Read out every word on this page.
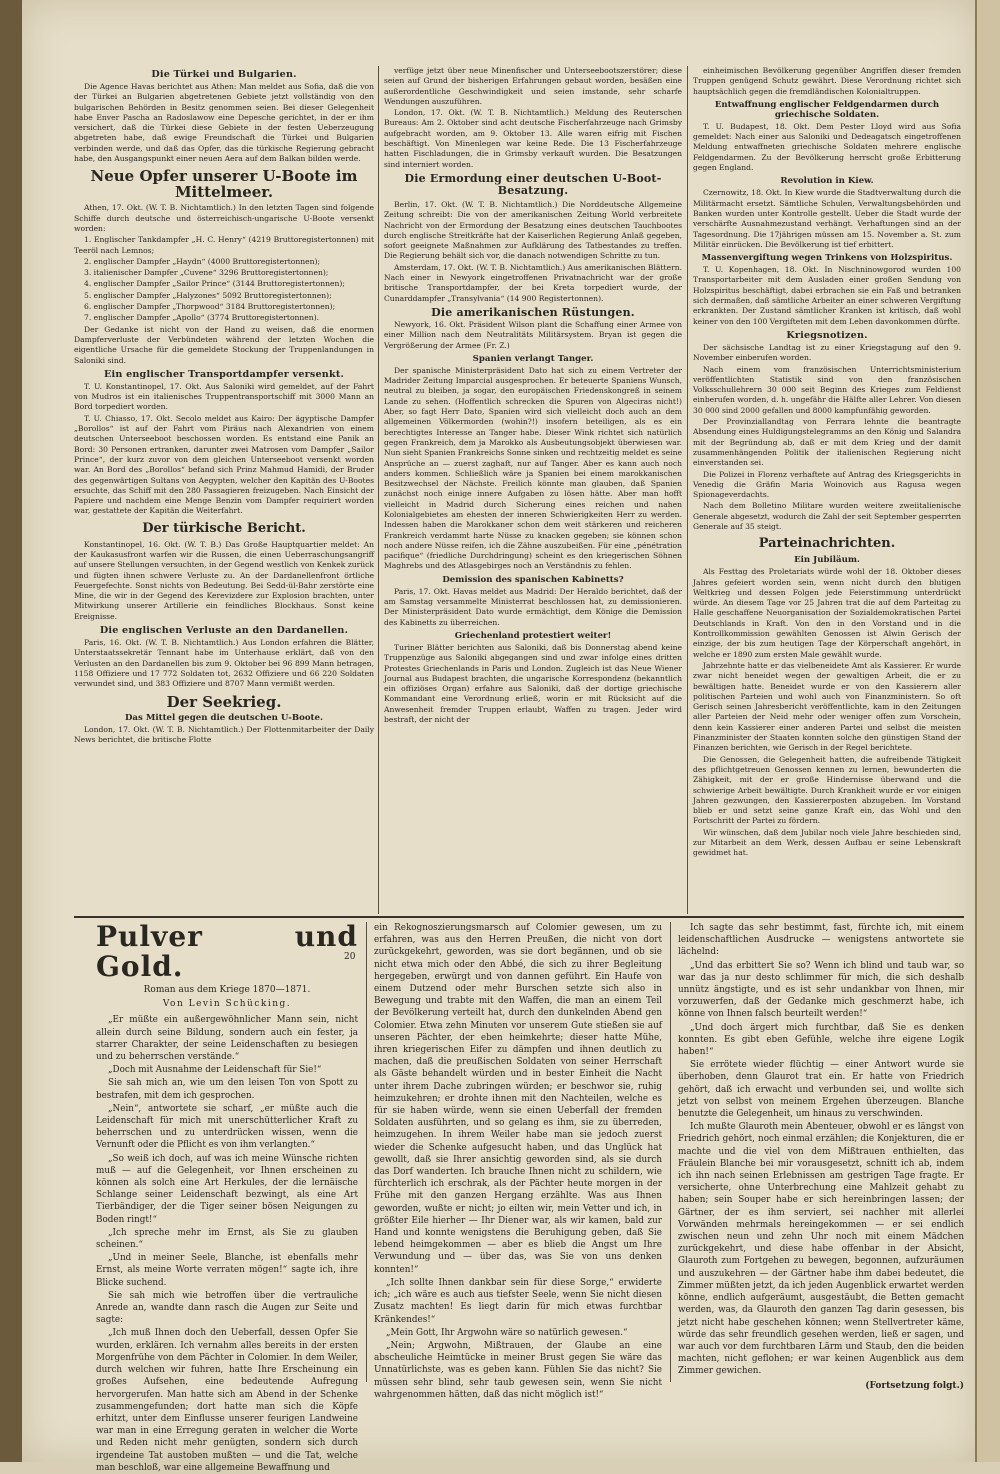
Die Türkei und Bulgarien.

Die Agence Havas berichtet aus Athen: Man meldet aus Sofia, daß die von der Türkei an Bulgarien abgetretenen Gebiete jetzt vollständig von den bulgarischen Behörden in Besitz genommen seien. Bei dieser Gelegenheit habe Enver Pascha an Radoslawow eine Depesche gerichtet, in der er ihm versichert, daß die Türkei diese Gebiete in der festen Ueberzeugung abgetreten habe, daß ewige Freundschaft die Türkei und Bulgarien verbinden werde, und daß das Opfer, das die türkische Regierung gebracht habe, den Ausgangspunkt einer neuen Aera auf dem Balkan bilden werde.

Neue Opfer unserer U-Boote im Mittelmeer.

Athen, 17. Okt. (W. T. B. Nichtamtlich.) In den letzten Tagen sind folgende Schiffe durch deutsche und österreichisch-ungarische U-Boote versenkt worden:

1. Englischer Tankdampfer „H. C. Henry“ (4219 Bruttoregistertonnen) mit Teeröl nach Lemnos;

2. englischer Dampfer „Haydn“ (4000 Bruttoregistertonnen);

3. italienischer Dampfer „Cuvene“ 3296 Bruttoregistertonnen);

4. englischer Dampfer „Sailor Prince“ (3144 Bruttoregistertonnen);

5. englischer Dampfer „Halyzones“ 5092 Bruttoregistertonnen);

6. englischer Dampfer „Thorpwood“ 3184 Bruttoregistertonnen);

7. englischer Dampfer „Apollo“ (3774 Bruttoregistertonnen).

Der Gedanke ist nicht von der Hand zu weisen, daß die enormen Dampferverluste der Verbündeten während der letzten Wochen die eigentliche Ursache für die gemeldete Stockung der Truppenlandungen in Saloniki sind.

Ein englischer Transportdampfer versenkt.

T. U. Konstantinopel, 17. Okt. Aus Saloniki wird gemeldet, auf der Fahrt von Mudros ist ein italienisches Truppentransportschiff mit 3000 Mann an Bord torpediert worden.

T. U. Chiasso, 17. Okt. Secolo meldet aus Kairo: Der ägyptische Dampfer „Borollos“ ist auf der Fahrt vom Piräus nach Alexandrien von einem deutschen Unterseeboot beschossen worden. Es entstand eine Panik an Bord: 30 Personen ertranken, darunter zwei Matrosen vom Dampfer „Sailor Prince“, der kurz zuvor von dem gleichen Unterseeboot versenkt worden war. An Bord des „Borollos“ befand sich Prinz Mahmud Hamidi, der Bruder des gegenwärtigen Sultans von Aegypten, welcher den Kapitän des U-Bootes ersuchte, das Schiff mit den 280 Passagieren freizugeben. Nach Einsicht der Papiere und nachdem eine Menge Benzin vom Dampfer requiriert worden war, gestattete der Kapitän die Weiterfahrt.

Der türkische Bericht.

Konstantinopel, 16. Okt. (W. T. B.) Das Große Hauptquartier meldet: An der Kaukasusfront warfen wir die Russen, die einen Ueberraschungsangriff auf unsere Stellungen versuchten, in der Gegend westlich von Kenkek zurück und fügten ihnen schwere Verluste zu. An der Dardanellenfront örtliche Feuergefechte. Sonst nichts von Bedeutung. Bei Sedd-ül-Bahr zerstörte eine Mine, die wir in der Gegend des Kerevizdere zur Explosion brachten, unter Mitwirkung unserer Artillerie ein feindliches Blockhaus. Sonst keine Ereignisse.

Die englischen Verluste an den Dardanellen.

Paris, 16. Okt. (W. T. B. Nichtamtlich.) Aus London erfahren die Blätter, Unterstaatssekretär Tennant habe im Unterhause erklärt, daß von den Verlusten an den Dardanellen bis zum 9. Oktober bei 96 899 Mann betragen, 1158 Offiziere und 17 772 Soldaten tot, 2632 Offiziere und 66 220 Soldaten verwundet sind, und 383 Offiziere und 8707 Mann vermißt werden.

Der Seekrieg.
Das Mittel gegen die deutschen U-Boote.

London, 17. Okt. (W. T. B. Nichtamtlich.) Der Flottenmitarbeiter der Daily News berichtet, die britische Flotte

verfüge jetzt über neue Minenfischer und Unterseebootszerstörer; diese seien auf Grund der bisherigen Erfahrungen gebaut worden, besäßen eine außerordentliche Geschwindigkeit und seien imstande, sehr scharfe Wendungen auszuführen.

London, 17. Okt. (W. T. B. Nichtamtlich.) Meldung des Reuterschen Bureaus: Am 2. Oktober sind acht deutsche Fischerfahrzeuge nach Grimsby aufgebracht worden, am 9. Oktober 13. Alle waren eifrig mit Fischen beschäftigt. Von Minenlegen war keine Rede. Die 13 Fischerfahrzeuge hatten Fischladungen, die in Grimsby verkauft wurden. Die Besatzungen sind interniert worden.

Die Ermordung einer deutschen U-Boot-Besatzung.

Berlin, 17. Okt. (W. T. B. Nichtamtlich.) Die Norddeutsche Allgemeine Zeitung schreibt: Die von der amerikanischen Zeitung World verbreitete Nachricht von der Ermordung der Besatzung eines deutschen Tauchbootes durch englische Streitkräfte hat der Kaiserlichen Regierung Anlaß gegeben, sofort geeignete Maßnahmen zur Aufklärung des Tatbestandes zu treffen. Die Regierung behält sich vor, die danach notwendigen Schritte zu tun.

Amsterdam, 17. Okt. (W. T. B. Nichtamtlich.) Aus amerikanischen Blättern. Nach einer in Newyork eingetroffenen Privatnachricht war der große britische Transportdampfer, der bei Kreta torpediert wurde, der Cunarddampfer „Transylvania“ (14 900 Registertonnen).

Die amerikanischen Rüstungen.

Newyork, 16. Okt. Präsident Wilson plant die Schaffung einer Armee von einer Million nach dem Neutralitäts Militärsystem. Bryan ist gegen die Vergrößerung der Armee (Fr. Z.)

Spanien verlangt Tanger.

Der spanische Ministerpräsident Dato hat sich zu einem Vertreter der Madrider Zeitung Imparcial ausgesprochen. Er beteuerte Spaniens Wunsch, neutral zu bleiben, ja sogar, den europäischen Friedenskongreß in seinem Lande zu sehen. (Hoffentlich schrecken die Spuren von Algeciras nicht!) Aber, so fagt Herr Dato, Spanien wird sich vielleicht doch auch an dem allgemeinen Völkermorden (wohin?!) insofern beteiligen, als es ein berechtigtes Interesse an Tanger habe. Dieser Wink richtet sich natürlich gegen Frankreich, dem ja Marokko als Ausbeutungsobjekt überwiesen war. Nun sieht Spanien Frankreichs Sonne sinken und rechtzeitig meldet es seine Ansprüche an — zuerst zaghaft, nur auf Tanger. Aber es kann auch noch anders kommen. Schließlich wäre ja Spanien bei einem marokkanischen Besitzwechsel der Nächste. Freilich könnte man glauben, daß Spanien zunächst noch einige innere Aufgaben zu lösen hätte. Aber man hofft vielleicht in Madrid durch Sicherung eines reichen und nahen Kolonialgebietes am ehesten der inneren Schwierigkeiten Herr zu werden. Indessen haben die Marokkaner schon dem weit stärkeren und reicheren Frankreich verdammt harte Nüsse zu knacken gegeben; sie können schon noch andere Nüsse reifen, ich die Zähne auszubeißen. Für eine „pénétration pacifique“ (friedliche Durchdringung) scheint es den kriegerischen Söhnen Maghrebs und des Atlasgebirges noch an Verständnis zu fehlen.

Demission des spanischen Kabinetts?

Paris, 17. Okt. Havas meldet aus Madrid: Der Heraldo berichtet, daß der am Samstag versammelte Ministerrat beschlossen hat, zu demissionieren. Der Ministerpräsident Dato wurde ermächtigt, dem Könige die Demission des Kabinetts zu überreichen.

Griechenland protestiert weiter!

Turiner Blätter berichten aus Saloniki, daß bis Donnerstag abend keine Truppenzüge aus Saloniki abgegangen sind und zwar infolge eines dritten Protestes Griechenlands in Paris und London. Zugleich ist das Neue Wiener Journal aus Budapest brachten, die ungarische Korrespondenz (bekanntlich ein offiziöses Organ) erfahre aus Saloniki, daß der dortige griechische Kommandant eine Verordnung erließ, worin er mit Rücksicht auf die Anwesenheit fremder Truppen erlaubt, Waffen zu tragen. Jeder wird bestraft, der nicht der

einheimischen Bevölkerung gegenüber Angriffen dieser fremden Truppen genügend Schutz gewährt. Diese Verordnung richtet sich hauptsächlich gegen die fremdländischen Kolonialtruppen.

Entwaffnung englischer Feldgendarmen durch griechische Soldaten.

T. U. Budapest, 18. Okt. Dem Pester Lloyd wird aus Sofia gemeldet: Nach einer aus Saloniki und Dedeagatsch eingetroffenen Meldung entwaffneten griechische Soldaten mehrere englische Feldgendarmen. Zu der Bevölkerung herrscht große Erbitterung gegen England.

Revolution in Kiew.

Czernowitz, 18. Okt. In Kiew wurde die Stadtverwaltung durch die Militärmacht ersetzt. Sämtliche Schulen, Verwaltungsbehörden und Banken wurden unter Kontrolle gestellt. Ueber die Stadt wurde der verschärfte Ausnahmezustand verhängt. Verhaftungen sind an der Tagesordnung. Die 17jährigen müssen am 15. November a. St. zum Militär einrücken. Die Bevölkerung ist tief erbittert.

Massenvergiftung wegen Trinkens von Holzspiritus.

T. U. Kopenhagen, 18. Okt. In Nischninowgorod wurden 100 Transportarbeiter mit dem Ausladen einer großen Sendung von Holzspiritus beschäftigt, dabei erbrachen sie ein Faß und betranken sich dermaßen, daß sämtliche Arbeiter an einer schweren Vergiftung erkrankten. Der Zustand sämtlicher Kranken ist kritisch, daß wohl keiner von den 100 Vergifteten mit dem Leben davonkommen dürfte.

Kriegsnotizen.

Der sächsische Landtag ist zu einer Kriegstagung auf den 9. November einberufen worden.

Nach einem vom französischen Unterrichtsministerium veröffentlichten Statistik sind von den französischen Volksschullehrern 30 000 seit Beginn des Krieges zum Feldienst einberufen worden, d. h. ungefähr die Hälfte aller Lehrer. Von diesen 30 000 sind 2000 gefallen und 8000 kampfunfähig geworden.

Der Provinziallandtag von Ferrara lehnte die beantragte Absendung eines Huldigungstelegramms an den König und Salandra mit der Begründung ab, daß er mit dem Krieg und der damit zusammenhängenden Politik der italienischen Regierung nicht einverstanden sei.

Die Polizei in Florenz verhaftete auf Antrag des Kriegsgerichts in Venedig die Gräfin Maria Woinovich aus Ragusa wegen Spionageverdachts.

Nach dem Bolletino Militare wurden weitere zweiitalienische Generale abgesetzt, wodurch die Zahl der seit September gesperrten Generale auf 35 steigt.

Parteinachrichten.
Ein Jubiläum.

Als Festtag des Proletariats würde wohl der 18. Oktober dieses Jahres gefeiert worden sein, wenn nicht durch den blutigen Weltkrieg und dessen Folgen jede Feierstimmung unterdrückt würde. An diesem Tage vor 25 Jahren trat die auf dem Parteitag zu Halle geschaffene Neuorganisation der Sozialdemokratischen Partei Deutschlands in Kraft. Von den in den Vorstand und in die Kontrollkommission gewählten Genossen ist Alwin Gerisch der einzige, der bis zum heutigen Tage der Körperschaft angehört, in welche er 1890 zum ersten Male gewählt wurde.

Jahrzehnte hatte er das vielbeneidete Amt als Kassierer. Er wurde zwar nicht beneidet wegen der gewaltigen Arbeit, die er zu bewältigen hatte. Beneidet wurde er von den Kassierern aller politischen Parteien und wohl auch von Finanzministern. So oft Gerisch seinen Jahresbericht veröffentlichte, kam in den Zeitungen aller Parteien der Neid mehr oder weniger offen zum Vorschein, denn kein Kassierer einer anderen Partei und selbst die meisten Finanzminister der Staaten konnten solche den günstigen Stand der Finanzen berichten, wie Gerisch in der Regel berichtete.

Die Genossen, die Gelegenheit hatten, die aufreibende Tätigkeit des pflichtgetreuen Genossen kennen zu lernen, bewunderten die Zähigkeit, mit der er große Hindernisse überwand und die schwierige Arbeit bewältigte. Durch Krankheit wurde er vor einigen Jahren gezwungen, den Kassiererposten abzugeben. Im Vorstand blieb er und setzt seine ganze Kraft ein, das Wohl und den Fortschritt der Partei zu fördern.

Wir wünschen, daß dem Jubilar noch viele Jahre beschieden sind, zur Mitarbeit an dem Werk, dessen Aufbau er seine Lebenskraft gewidmet hat.

Pulver und Gold.
Roman aus dem Kriege 1870—1871.
Von Levin Schücking.

„Er müßte ein außergewöhnlicher Mann sein, nicht allein durch seine Bildung, sondern auch ein fester, ja starrer Charakter, der seine Leidenschaften zu besiegen und zu beherrschen verstände.“

„Doch mit Ausnahme der Leidenschaft für Sie!“

Sie sah mich an, wie um den leisen Ton von Spott zu bestrafen, mit dem ich gesprochen.

„Nein“, antwortete sie scharf, „er müßte auch die Leidenschaft für mich mit unerschütterlicher Kraft zu beherrschen und zu unterdrücken wissen, wenn die Vernunft oder die Pflicht es von ihm verlangten.“

„So weiß ich doch, auf was ich meine Wünsche richten muß — auf die Gelegenheit, vor Ihnen erscheinen zu können als solch eine Art Herkules, der die lernäische Schlange seiner Leidenschaft bezwingt, als eine Art Tierbändiger, der die Tiger seiner bösen Neigungen zu Boden ringt!“

„Ich spreche mehr im Ernst, als Sie zu glauben scheinen.“

„Und in meiner Seele, Blanche, ist ebenfalls mehr Ernst, als meine Worte verraten mögen!“ sagte ich, ihre Blicke suchend.

Sie sah mich wie betroffen über die vertrauliche Anrede an, wandte dann rasch die Augen zur Seite und sagte:

„Ich muß Ihnen doch den Ueberfall, dessen Opfer Sie wurden, erklären. Ich vernahm alles bereits in der ersten Morgenfrühe von dem Pächter in Colomier. In dem Weiler, durch welchen wir fuhren, hatte Ihre Erscheinung ein großes Aufsehen, eine bedeutende Aufregung hervorgerufen. Man hatte sich am Abend in der Schenke zusammengefunden; dort hatte man sich die Köpfe erhitzt, unter dem Einflusse unserer feurigen Landweine war man in eine Erregung geraten in welcher die Worte und Reden nicht mehr genügten, sondern sich durch irgendeine Tat austoben mußten — und die Tat, welche man beschloß, war eine allgemeine Bewaffnung und

20

ein Rekognoszierungsmarsch auf Colomier gewesen, um zu erfahren, was aus den Herren Preußen, die nicht von dort zurückgekehrt, geworden, was sie dort begännen, und ob sie nicht etwa mich oder den Abbé, die sich zu ihrer Begleitung hergegeben, erwürgt und von dannen geführt. Ein Haufe von einem Dutzend oder mehr Burschen setzte sich also in Bewegung und trabte mit den Waffen, die man an einem Teil der Bevölkerung verteilt hat, durch den dunkelnden Abend gen Colomier. Etwa zehn Minuten vor unserem Gute stießen sie auf unseren Pächter, der eben heimkehrte; dieser hatte Mühe, ihren kriegerischen Eifer zu dämpfen und ihnen deutlich zu machen, daß die preußischen Soldaten von seiner Herrschaft als Gäste behandelt würden und in bester Einheit die Nacht unter ihrem Dache zubringen würden; er beschwor sie, ruhig heimzukehren; er drohte ihnen mit den Nachteilen, welche es für sie haben würde, wenn sie einen Ueberfall der fremden Soldaten ausführten, und so gelang es ihm, sie zu überreden, heimzugehen. In ihrem Weiler habe man sie jedoch zuerst wieder die Schenke aufgesucht haben, und das Unglück hat gewollt, daß sie Ihrer ansichtig geworden sind, als sie durch das Dorf wanderten. Ich brauche Ihnen nicht zu schildern, wie fürchterlich ich erschrak, als der Pächter heute morgen in der Frühe mit den ganzen Hergang erzählte. Was aus Ihnen geworden, wußte er nicht; jo eilten wir, mein Vetter und ich, in größter Eile hierher — Ihr Diener war, als wir kamen, bald zur Hand und konnte wenigstens die Beruhigung geben, daß Sie lebend heimgekommen — aber es blieb die Angst um Ihre Verwundung und — über das, was Sie von uns denken konnten!“

„Ich sollte Ihnen dankbar sein für diese Sorge,“ erwiderte ich; „ich wäre es auch aus tiefster Seele, wenn Sie nicht diesen Zusatz machten! Es liegt darin für mich etwas furchtbar Kränkendes!“

„Mein Gott, Ihr Argwohn wäre so natürlich gewesen.“

„Nein; Argwohn, Mißtrauen, der Glaube an eine abscheuliche Heimtücke in meiner Brust gegen Sie wäre das Unnatürlichste, was es geben kann. Fühlen Sie das nicht? Sie müssen sehr blind, sehr taub gewesen sein, wenn Sie nicht wahrgenommen hätten, daß das nicht möglich ist!“

Ich sagte das sehr bestimmt, fast, fürchte ich, mit einem leidenschaftlichen Ausdrucke — wenigstens antwortete sie lächelnd:

„Und das erbittert Sie so? Wenn ich blind und taub war, so war das ja nur desto schlimmer für mich, die sich deshalb unnütz ängstigte, und es ist sehr undankbar von Ihnen, mir vorzuwerfen, daß der Gedanke mich geschmerzt habe, ich könne von Ihnen falsch beurteilt werden!“

„Und doch ärgert mich furchtbar, daß Sie es denken konnten. Es gibt eben Gefühle, welche ihre eigene Logik haben!“

Sie errötete wieder flüchtig — einer Antwort wurde sie überhoben, denn Glaurot trat ein. Er hatte von Friedrich gehört, daß ich erwacht und verbunden sei, und wollte sich jetzt von selbst von meinem Ergehen überzeugen. Blanche benutzte die Gelegenheit, um hinaus zu verschwinden.

Ich mußte Glauroth mein Abenteuer, obwohl er es längst von Friedrich gehört, noch einmal erzählen; die Konjekturen, die er machte und die viel von dem Mißtrauen enthielten, das Fräulein Blanche bei mir vorausgesetzt, schnitt ich ab, indem ich ihn nach seinen Erlebnissen am gestrigen Tage fragte. Er versicherte, ohne Unterbrechung eine Mahlzeit gehabt zu haben; sein Souper habe er sich hereinbringen lassen; der Gärtner, der es ihm serviert, sei nachher mit allerlei Vorwänden mehrmals hereingekommen — er sei endlich zwischen neun und zehn Uhr noch mit einem Mädchen zurückgekehrt, und diese habe offenbar in der Absicht, Glauroth zum Fortgehen zu bewegen, begonnen, aufzuräumen und auszukehren — der Gärtner habe ihm dabei bedeutet, die Zimmer müßten jetzt, da ich jeden Augenblick erwartet werden könne, endlich aufgeräumt, ausgestäubt, die Betten gemacht werden, was, da Glauroth den ganzen Tag darin gesessen, bis jetzt nicht habe geschehen können; wenn Stellvertreter käme, würde das sehr freundlich gesehen werden, ließ er sagen, und war auch vor dem furchtbaren Lärm und Staub, den die beiden machten, nicht geflohen; er war keinen Augenblick aus dem Zimmer gewichen.

(Fortsetzung folgt.)
